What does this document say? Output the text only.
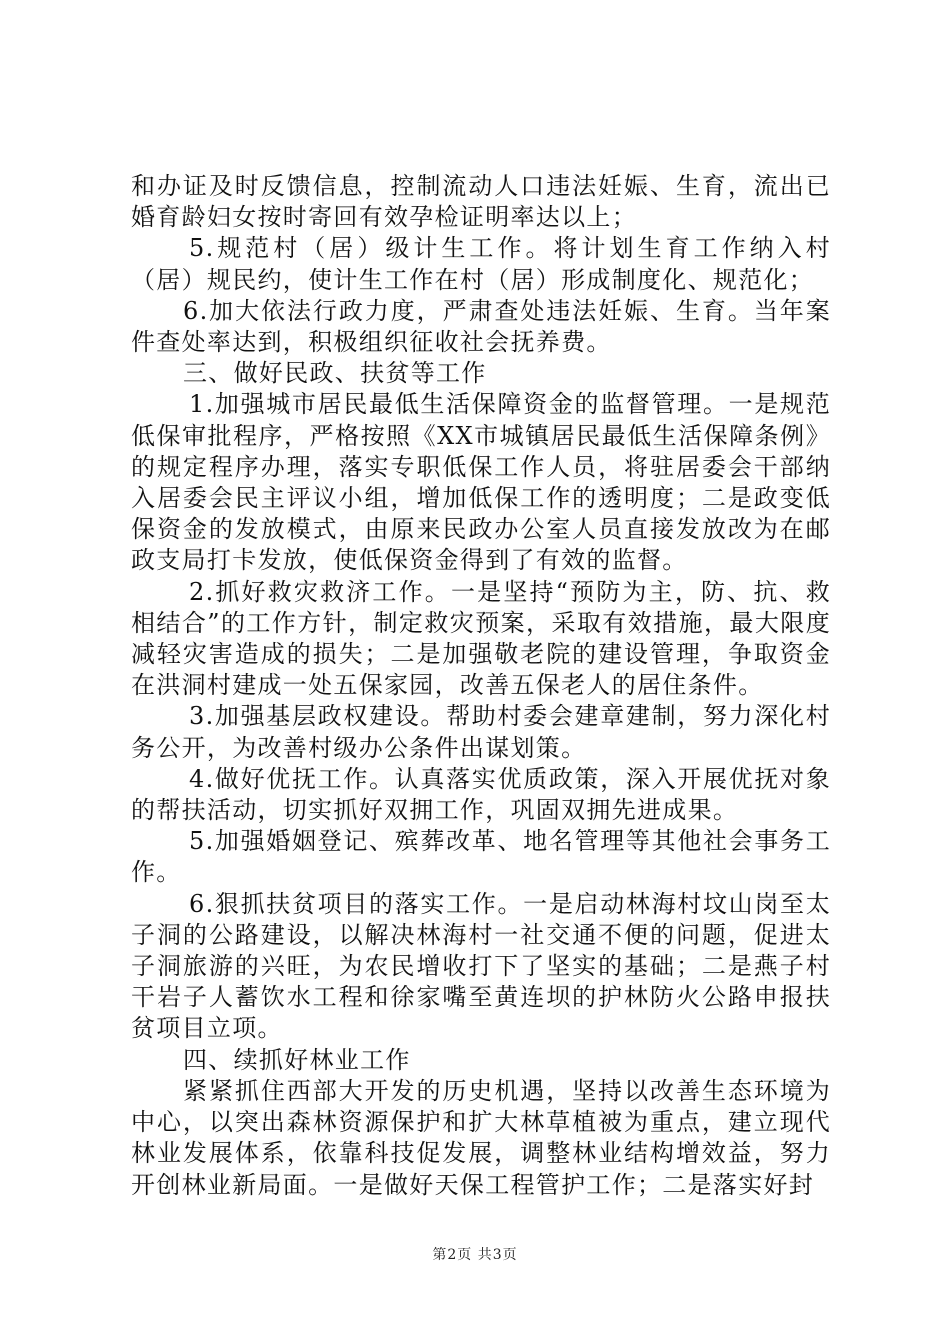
和办证及时反馈信息，控制流动人口违法妊娠、生育，流出已婚育龄妇女按时寄回有效孕检证明率达以上；

5.规范村（居）级计生工作。将计划生育工作纳入村（居）规民约，使计生工作在村（居）形成制度化、规范化；

6.加大依法行政力度，严肃查处违法妊娠、生育。当年案件查处率达到，积极组织征收社会抚养费。

三、做好民政、扶贫等工作

1.加强城市居民最低生活保障资金的监督管理。一是规范低保审批程序，严格按照《XX市城镇居民最低生活保障条例》的规定程序办理，落实专职低保工作人员，将驻居委会干部纳入居委会民主评议小组，增加低保工作的透明度；二是政变低保资金的发放模式，由原来民政办公室人员直接发放改为在邮政支局打卡发放，使低保资金得到了有效的监督。

2.抓好救灾救济工作。一是坚持“预防为主，防、抗、救相结合”的工作方针，制定救灾预案，采取有效措施，最大限度减轻灾害造成的损失；二是加强敬老院的建设管理，争取资金在洪洞村建成一处五保家园，改善五保老人的居住条件。

3.加强基层政权建设。帮助村委会建章建制，努力深化村务公开，为改善村级办公条件出谋划策。

4.做好优抚工作。认真落实优质政策，深入开展优抚对象的帮扶活动，切实抓好双拥工作，巩固双拥先进成果。

5.加强婚姻登记、殡葬改革、地名管理等其他社会事务工作。

6.狠抓扶贫项目的落实工作。一是启动林海村坟山岗至太子洞的公路建设，以解决林海村一社交通不便的问题，促进太子洞旅游的兴旺，为农民增收打下了坚实的基础；二是燕子村干岩子人蓄饮水工程和徐家嘴至黄连坝的护林防火公路申报扶贫项目立项。

四、续抓好林业工作

紧紧抓住西部大开发的历史机遇，坚持以改善生态环境为中心，以突出森林资源保护和扩大林草植被为重点，建立现代林业发展体系，依靠科技促发展，调整林业结构增效益，努力开创林业新局面。一是做好天保工程管护工作；二是落实好封

第2页 共3页
